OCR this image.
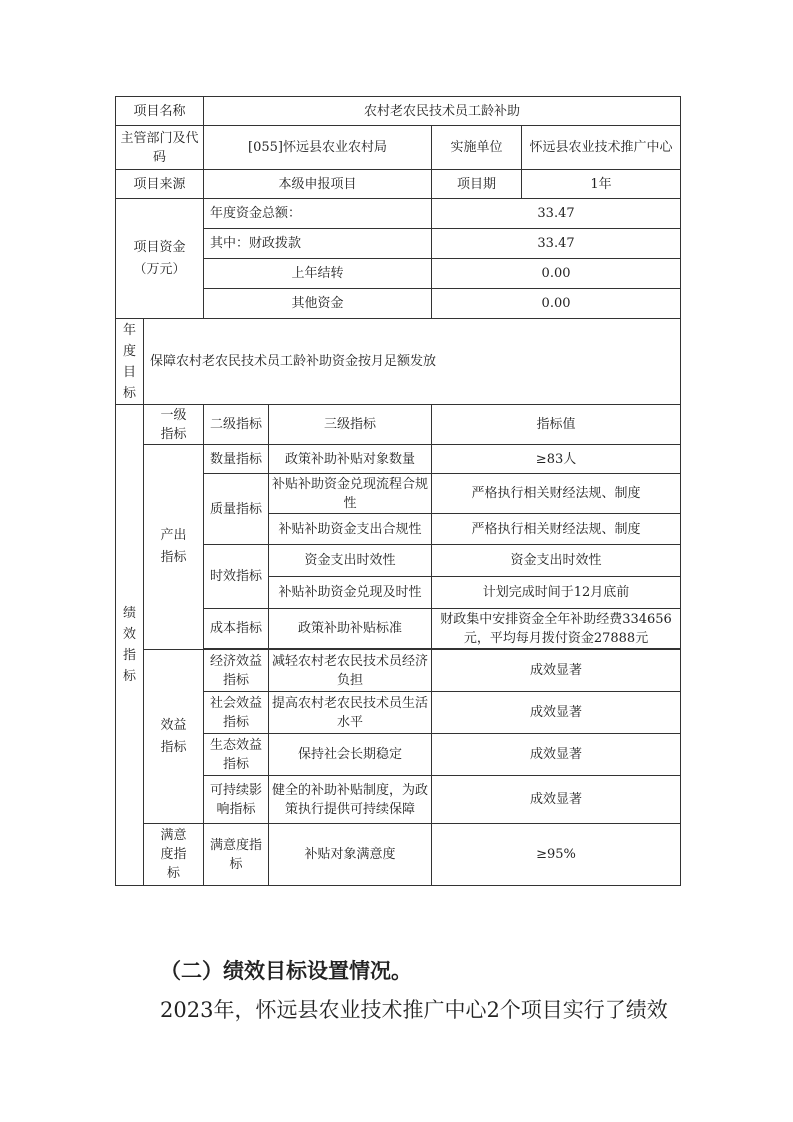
项目名称		农村老农民技术员工龄补助			
主管部门及代码		[055]怀远县农业农村局		实施单位	怀远县农业技术推广中心
项目来源		本级申报项目		项目期	1年
项目资金（万元）		年度资金总额：		33.47	
		其中：财政拨款		33.47	
		上年结转		0.00	
		其他资金		0.00	
年度目标	保障农村老农民技术员工龄补助资金按月足额发放				
绩效指标	一级指标	二级指标	三级指标	指标值	
	产出指标	数量指标	政策补助补贴对象数量	≥83人	
		质量指标	补贴补助资金兑现流程合规性	严格执行相关财经法规、制度	
			补贴补助资金支出合规性	严格执行相关财经法规、制度	
		时效指标	资金支出时效性	资金支出时效性	
			补贴补助资金兑现及时性	计划完成时间于12月底前	
		成本指标	政策补助补贴标准	财政集中安排资金全年补助经费334656元，平均每月拨付资金27888元	

	效益指标	经济效益指标	减轻农村老农民技术员经济负担	成效显著	
		社会效益指标	提高农村老农民技术员生活水平	成效显著	
		生态效益指标	保持社会长期稳定	成效显著	
		可持续影响指标	健全的补助补贴制度，为政策执行提供可持续保障	成效显著	
	满意度指标	满意度指标	补贴对象满意度	≥95%	
（二）绩效目标设置情况。

2023年，怀远县农业技术推广中心2个项目实行了绩效
